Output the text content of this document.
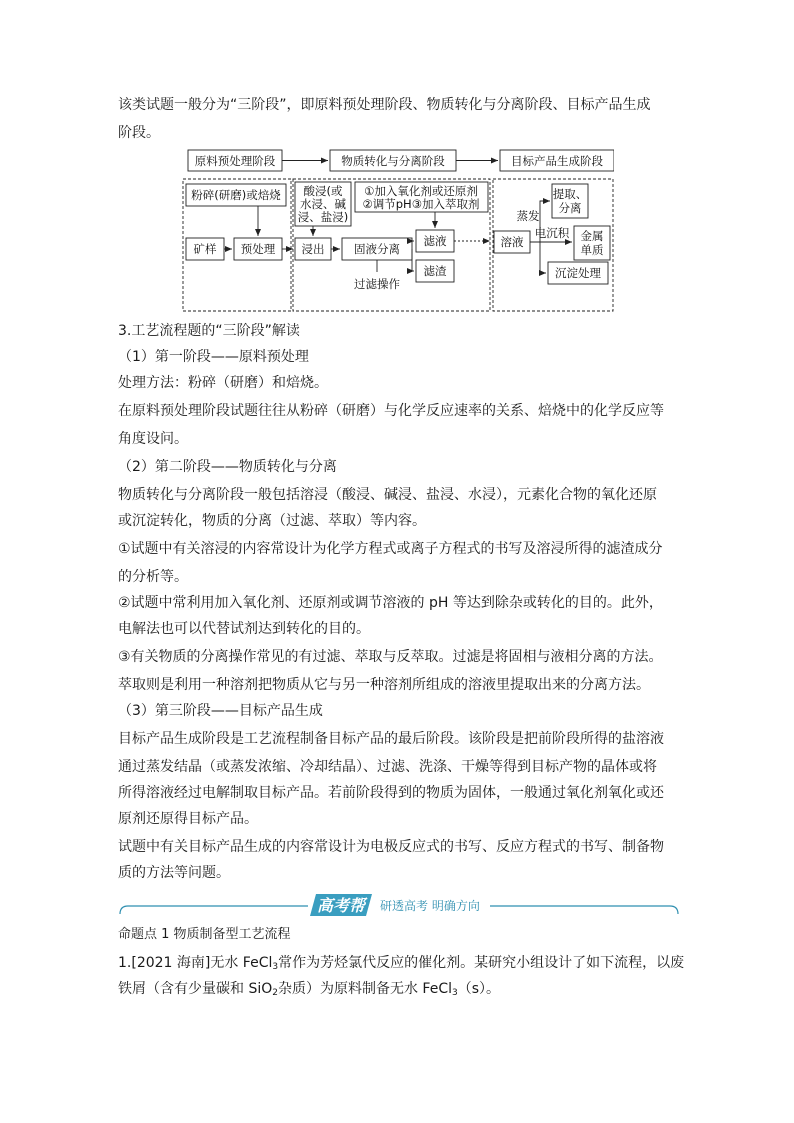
该类试题一般分为“三阶段”，即原料预处理阶段、物质转化与分离阶段、目标产品生成

阶段。

原料预处理阶段	物质转化与分离阶段	目标产品生成阶段
粉碎(研磨)或焙烧
矿样 预处理
酸浸(或
水浸、碱
浸、盐浸)
浸出
①加入氧化剂或还原剂
②调节pH③加入萃取剂
固液分离
滤液
滤渣
过滤操作
溶液
蒸发
提取、
分离
电沉积 金属
单质
沉淀处理

3.工艺流程题的“三阶段”解读

（1）第一阶段——原料预处理

处理方法：粉碎（研磨）和焙烧。

在原料预处理阶段试题往往从粉碎（研磨）与化学反应速率的关系、焙烧中的化学反应等

角度设问。

（2）第二阶段——物质转化与分离

物质转化与分离阶段一般包括溶浸（酸浸、碱浸、盐浸、水浸），元素化合物的氧化还原

或沉淀转化，物质的分离（过滤、萃取）等内容。

①试题中有关溶浸的内容常设计为化学方程式或离子方程式的书写及溶浸所得的滤渣成分

的分析等。

②试题中常利用加入氧化剂、还原剂或调节溶液的 pH 等达到除杂或转化的目的。此外，

电解法也可以代替试剂达到转化的目的。

③有关物质的分离操作常见的有过滤、萃取与反萃取。过滤是将固相与液相分离的方法。

萃取则是利用一种溶剂把物质从它与另一种溶剂所组成的溶液里提取出来的分离方法。

（3）第三阶段——目标产品生成

目标产品生成阶段是工艺流程制备目标产品的最后阶段。该阶段是把前阶段所得的盐溶液

通过蒸发结晶（或蒸发浓缩、冷却结晶）、过滤、洗涤、干燥等得到目标产物的晶体或将

所得溶液经过电解制取目标产品。若前阶段得到的物质为固体，一般通过氧化剂氧化或还

原剂还原得目标产品。

试题中有关目标产品生成的内容常设计为电极反应式的书写、反应方程式的书写、制备物

质的方法等问题。

高考帮 研透高考 明确方向

命题点 1 物质制备型工艺流程

1.[2021 海南]无水 FeCl$_3$常作为芳烃氯代反应的催化剂。某研究小组设计了如下流程，以废

铁屑（含有少量碳和 SiO$_2$杂质）为原料制备无水 FeCl$_3$（s）。
